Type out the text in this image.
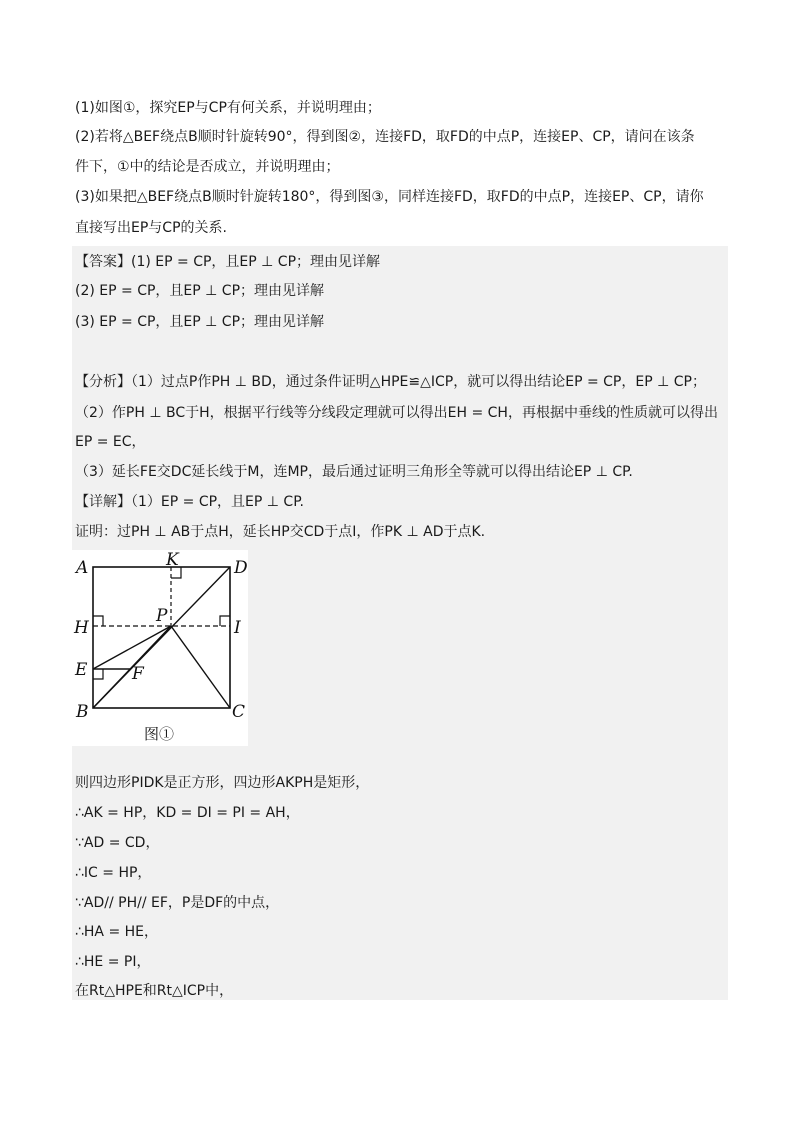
(1)如图①，探究EP与CP有何关系，并说明理由；
(2)若将△BEF绕点B顺时针旋转90°，得到图②，连接FD，取FD的中点P，连接EP、CP，请问在该条
件下，①中的结论是否成立，并说明理由；
(3)如果把△BEF绕点B顺时针旋转180°，得到图③，同样连接FD，取FD的中点P，连接EP、CP，请你
直接写出EP与CP的关系.
【答案】(1) EP = CP，且EP ⊥ CP；理由见详解
(2) EP = CP，且EP ⊥ CP；理由见详解
(3) EP = CP，且EP ⊥ CP；理由见详解
【分析】（1）过点P作PH ⊥ BD，通过条件证明△HPE≌△ICP，就可以得出结论EP = CP，EP ⊥ CP；
（2）作PH ⊥ BC于H，根据平行线等分线段定理就可以得出EH = CH，再根据中垂线的性质就可以得出
EP = EC，
（3）延长FE交DC延长线于M，连MP，最后通过证明三角形全等就可以得出结论EP ⊥ CP.
【详解】（1）EP = CP，且EP ⊥ CP.
证明：过PH ⊥ AB于点H，延长HP交CD于点I，作PK ⊥ AD于点K.
A	K	D
P
H	I
E	F
B	C
图①
则四边形PIDK是正方形，四边形AKPH是矩形，
∴AK = HP，KD = DI = PI = AH，
∵AD = CD，
∴IC = HP，
∵AD// PH// EF，P是DF的中点，
∴HA = HE，
∴HE = PI，
在Rt△HPE和Rt△ICP中，
